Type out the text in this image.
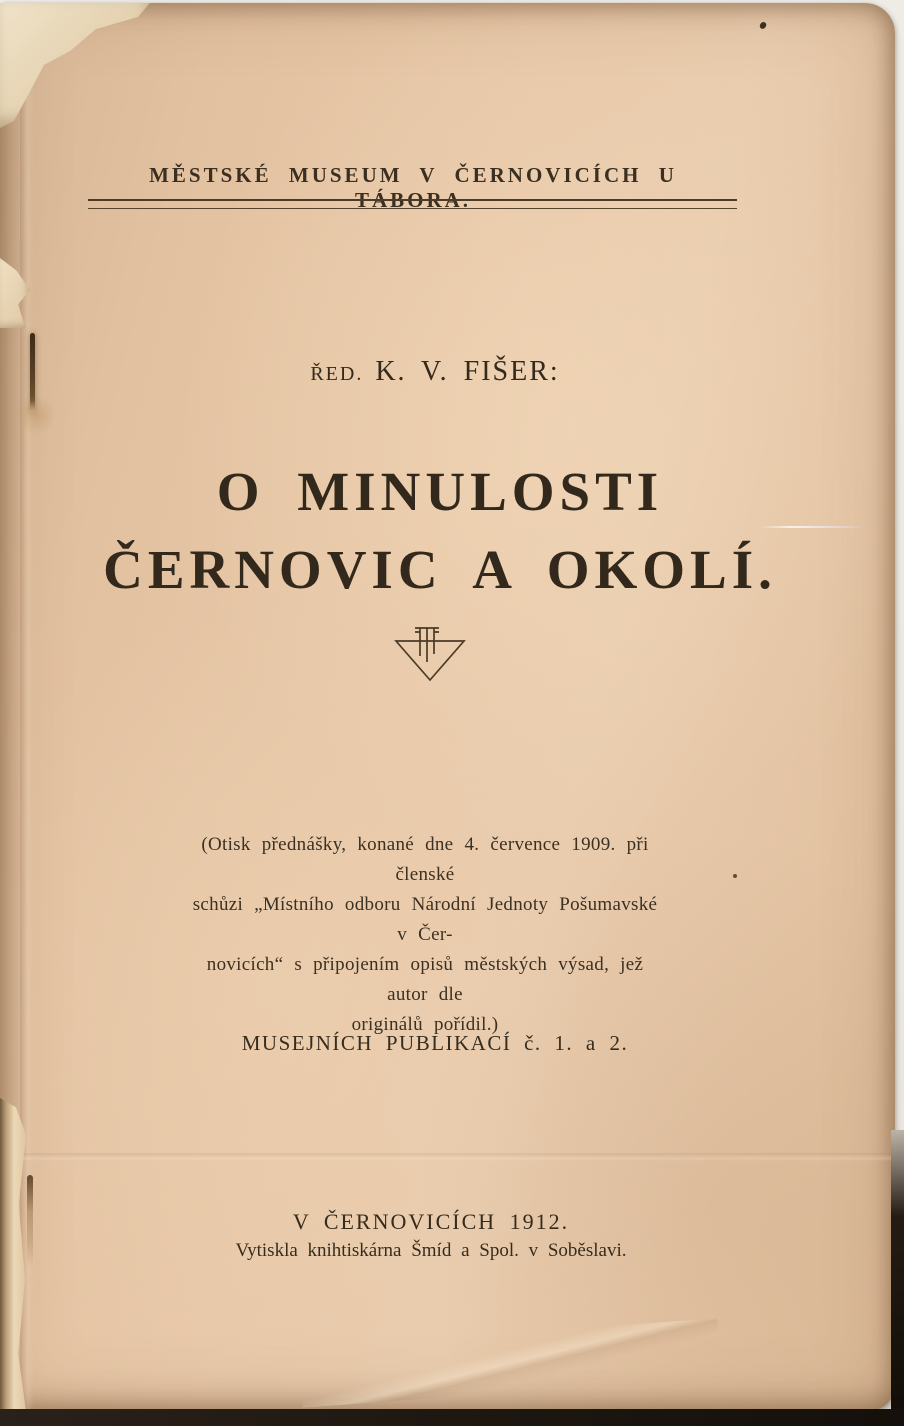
MĚSTSKÉ MUSEUM V ČERNOVICÍCH U TÁBORA.
ŘED. K. V. FIŠER:
O MINULOSTI
ČERNOVIC A OKOLÍ.
(Otisk přednášky, konané dne 4. července 1909. při členské
schůzi „Místního odboru Národní Jednoty Pošumavské v Čer-
novicích“ s připojením opisů městských výsad, jež autor dle
originálů pořídil.)
MUSEJNÍCH PUBLIKACÍ č. 1. a 2.
V ČERNOVICÍCH 1912.
Vytiskla knihtiskárna Šmíd a Spol. v Soběslavi.
